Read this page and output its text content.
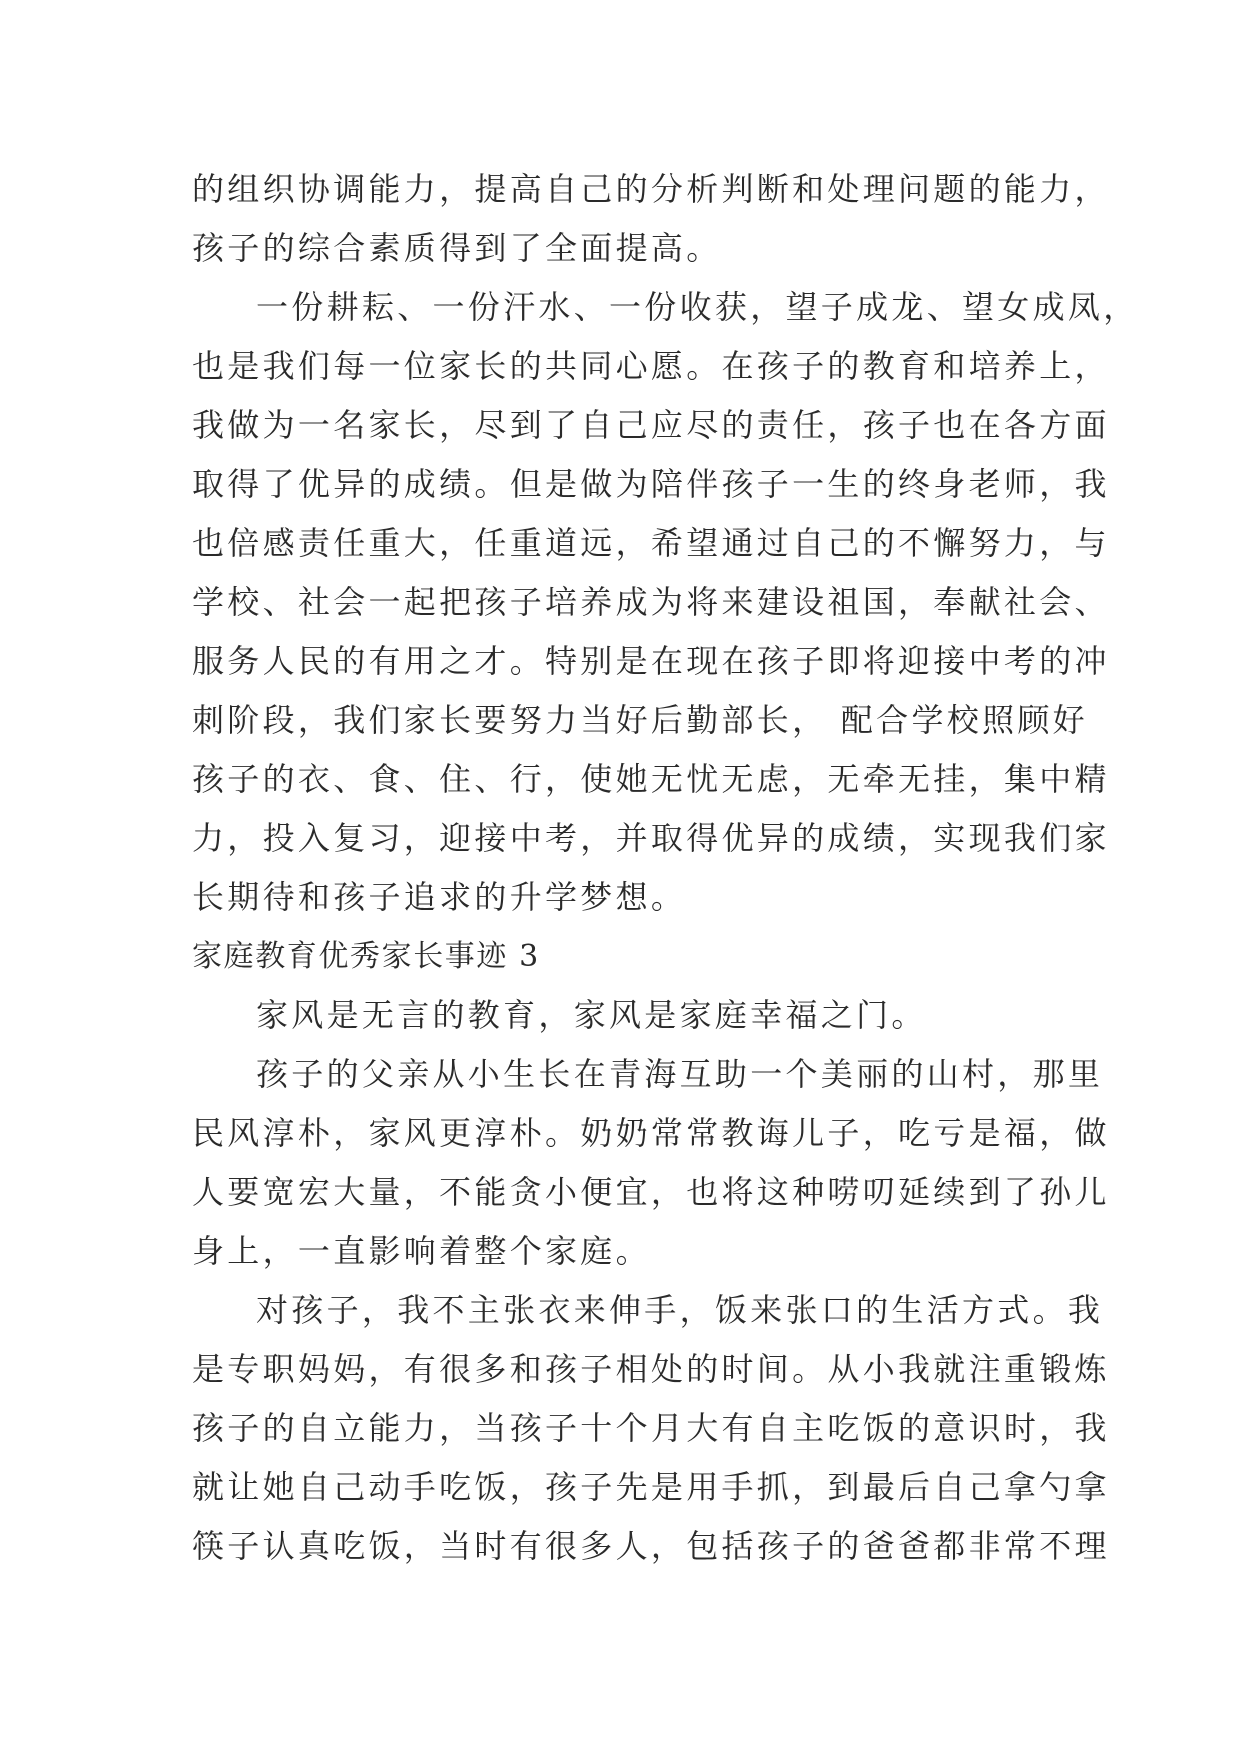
的组织协调能力，提高自己的分析判断和处理问题的能力，
孩子的综合素质得到了全面提高。
一份耕耘、一份汗水、一份收获，望子成龙、望女成凤，
也是我们每一位家长的共同心愿。在孩子的教育和培养上，
我做为一名家长，尽到了自己应尽的责任，孩子也在各方面
取得了优异的成绩。但是做为陪伴孩子一生的终身老师，我
也倍感责任重大，任重道远，希望通过自己的不懈努力，与
学校、社会一起把孩子培养成为将来建设祖国，奉献社会、
服务人民的有用之才。特别是在现在孩子即将迎接中考的冲
刺阶段，我们家长要努力当好后勤部长， 配合学校照顾好
孩子的衣、食、住、行，使她无忧无虑，无牵无挂，集中精
力，投入复习，迎接中考，并取得优异的成绩，实现我们家
长期待和孩子追求的升学梦想。
家庭教育优秀家长事迹 3
家风是无言的教育，家风是家庭幸福之门。
孩子的父亲从小生长在青海互助一个美丽的山村，那里
民风淳朴，家风更淳朴。奶奶常常教诲儿子，吃亏是福，做
人要宽宏大量，不能贪小便宜，也将这种唠叨延续到了孙儿
身上，一直影响着整个家庭。
对孩子，我不主张衣来伸手，饭来张口的生活方式。我
是专职妈妈，有很多和孩子相处的时间。从小我就注重锻炼
孩子的自立能力，当孩子十个月大有自主吃饭的意识时，我
就让她自己动手吃饭，孩子先是用手抓，到最后自己拿勺拿
筷子认真吃饭，当时有很多人，包括孩子的爸爸都非常不理
